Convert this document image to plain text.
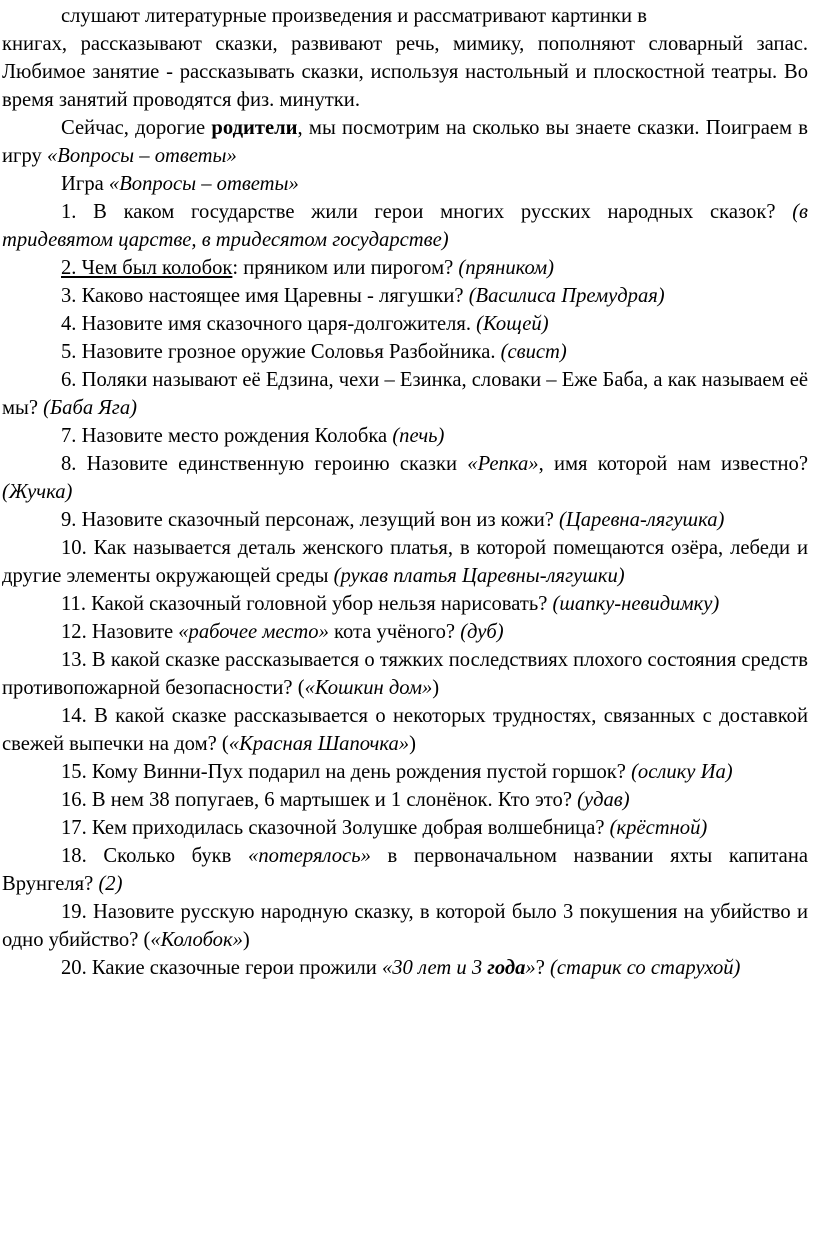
слушают литературные произведения и рассматривают картинки в
книгах, рассказывают сказки, развивают речь, мимику, пополняют словарный запас. Любимое занятие - рассказывать сказки, используя настольный и плоскостной театры. Во время занятий проводятся физ. минутки.

Сейчас, дорогие родители, мы посмотрим на сколько вы знаете сказки. Поиграем в игру «Вопросы – ответы»

Игра «Вопросы – ответы»

1. В каком государстве жили герои многих русских народных сказок? (в тридевятом царстве, в тридесятом государстве)

2. Чем был колобок: пряником или пирогом? (пряником)

3. Каково настоящее имя Царевны - лягушки? (Василиса Премудрая)

4. Назовите имя сказочного царя-долгожителя. (Кощей)

5. Назовите грозное оружие Соловья Разбойника. (свист)

6. Поляки называют её Едзина, чехи – Езинка, словаки – Еже Баба, а как называем её мы? (Баба Яга)

7. Назовите место рождения Колобка (печь)

8. Назовите единственную героиню сказки «Репка», имя которой нам известно? (Жучка)

9. Назовите сказочный персонаж, лезущий вон из кожи? (Царевна-лягушка)

10. Как называется деталь женского платья, в которой помещаются озёра, лебеди и другие элементы окружающей среды (рукав платья Царевны-лягушки)

11. Какой сказочный головной убор нельзя нарисовать? (шапку-невидимку)

12. Назовите «рабочее место» кота учёного? (дуб)

13. В какой сказке рассказывается о тяжких последствиях плохого состояния средств противопожарной безопасности? («Кошкин дом»)

14. В какой сказке рассказывается о некоторых трудностях, связанных с доставкой свежей выпечки на дом? («Красная Шапочка»)

15. Кому Винни-Пух подарил на день рождения пустой горшок? (ослику Иа)

16. В нем 38 попугаев, 6 мартышек и 1 слонёнок. Кто это? (удав)

17. Кем приходилась сказочной Золушке добрая волшебница? (крёстной)

18. Сколько букв «потерялось» в первоначальном названии яхты капитана Врунгеля? (2)

19. Назовите русскую народную сказку, в которой было 3 покушения на убийство и одно убийство? («Колобок»)

20. Какие сказочные герои прожили «30 лет и 3 года»? (старик со старухой)
